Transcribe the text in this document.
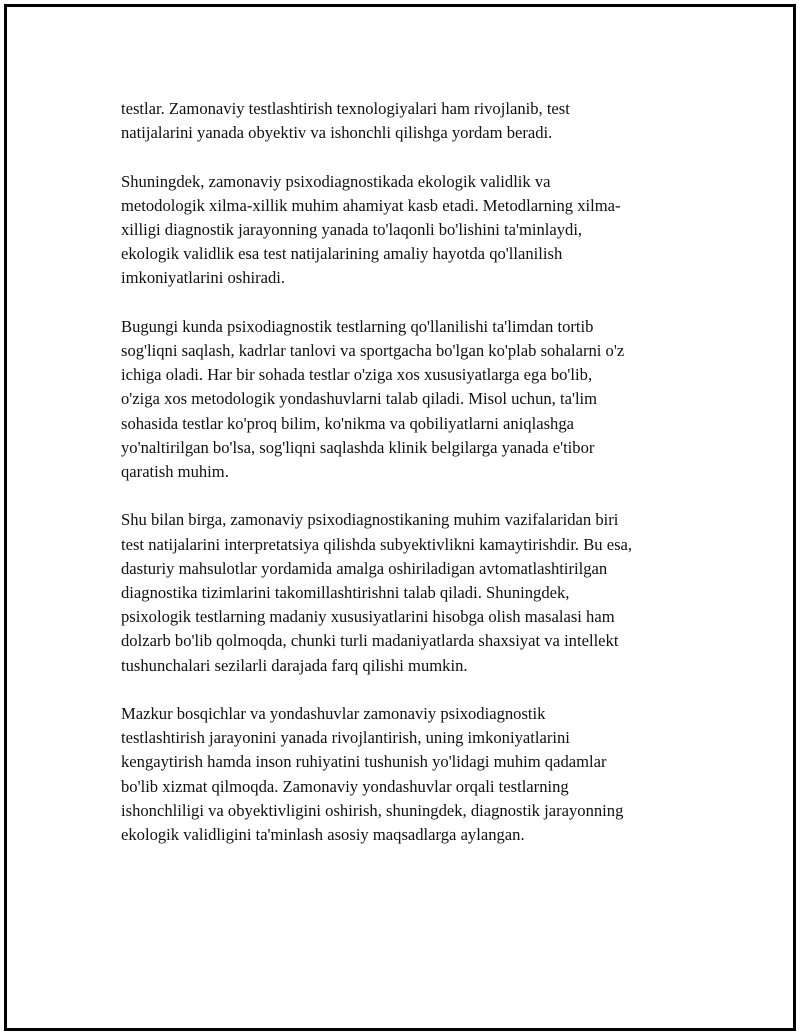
testlar. Zamonaviy testlashtirish texnologiyalari ham rivojlanib, test
natijalarini yanada obyektiv va ishonchli qilishga yordam beradi.

Shuningdek, zamonaviy psixodiagnostikada ekologik validlik va
metodologik xilma-xillik muhim ahamiyat kasb etadi. Metodlarning xilma-
xilligi diagnostik jarayonning yanada to'laqonli bo'lishini ta'minlaydi,
ekologik validlik esa test natijalarining amaliy hayotda qo'llanilish
imkoniyatlarini oshiradi.

Bugungi kunda psixodiagnostik testlarning qo'llanilishi ta'limdan tortib
sog'liqni saqlash, kadrlar tanlovi va sportgacha bo'lgan ko'plab sohalarni o'z
ichiga oladi. Har bir sohada testlar o'ziga xos xususiyatlarga ega bo'lib,
o'ziga xos metodologik yondashuvlarni talab qiladi. Misol uchun, ta'lim
sohasida testlar ko'proq bilim, ko'nikma va qobiliyatlarni aniqlashga
yo'naltirilgan bo'lsa, sog'liqni saqlashda klinik belgilarga yanada e'tibor
qaratish muhim.

Shu bilan birga, zamonaviy psixodiagnostikaning muhim vazifalaridan biri
test natijalarini interpretatsiya qilishda subyektivlikni kamaytirishdir. Bu esa,
dasturiy mahsulotlar yordamida amalga oshiriladigan avtomatlashtirilgan
diagnostika tizimlarini takomillashtirishni talab qiladi. Shuningdek,
psixologik testlarning madaniy xususiyatlarini hisobga olish masalasi ham
dolzarb bo'lib qolmoqda, chunki turli madaniyatlarda shaxsiyat va intellekt
tushunchalari sezilarli darajada farq qilishi mumkin.

Mazkur bosqichlar va yondashuvlar zamonaviy psixodiagnostik
testlashtirish jarayonini yanada rivojlantirish, uning imkoniyatlarini
kengaytirish hamda inson ruhiyatini tushunish yo'lidagi muhim qadamlar
bo'lib xizmat qilmoqda. Zamonaviy yondashuvlar orqali testlarning
ishonchliligi va obyektivligini oshirish, shuningdek, diagnostik jarayonning
ekologik validligini ta'minlash asosiy maqsadlarga aylangan.
